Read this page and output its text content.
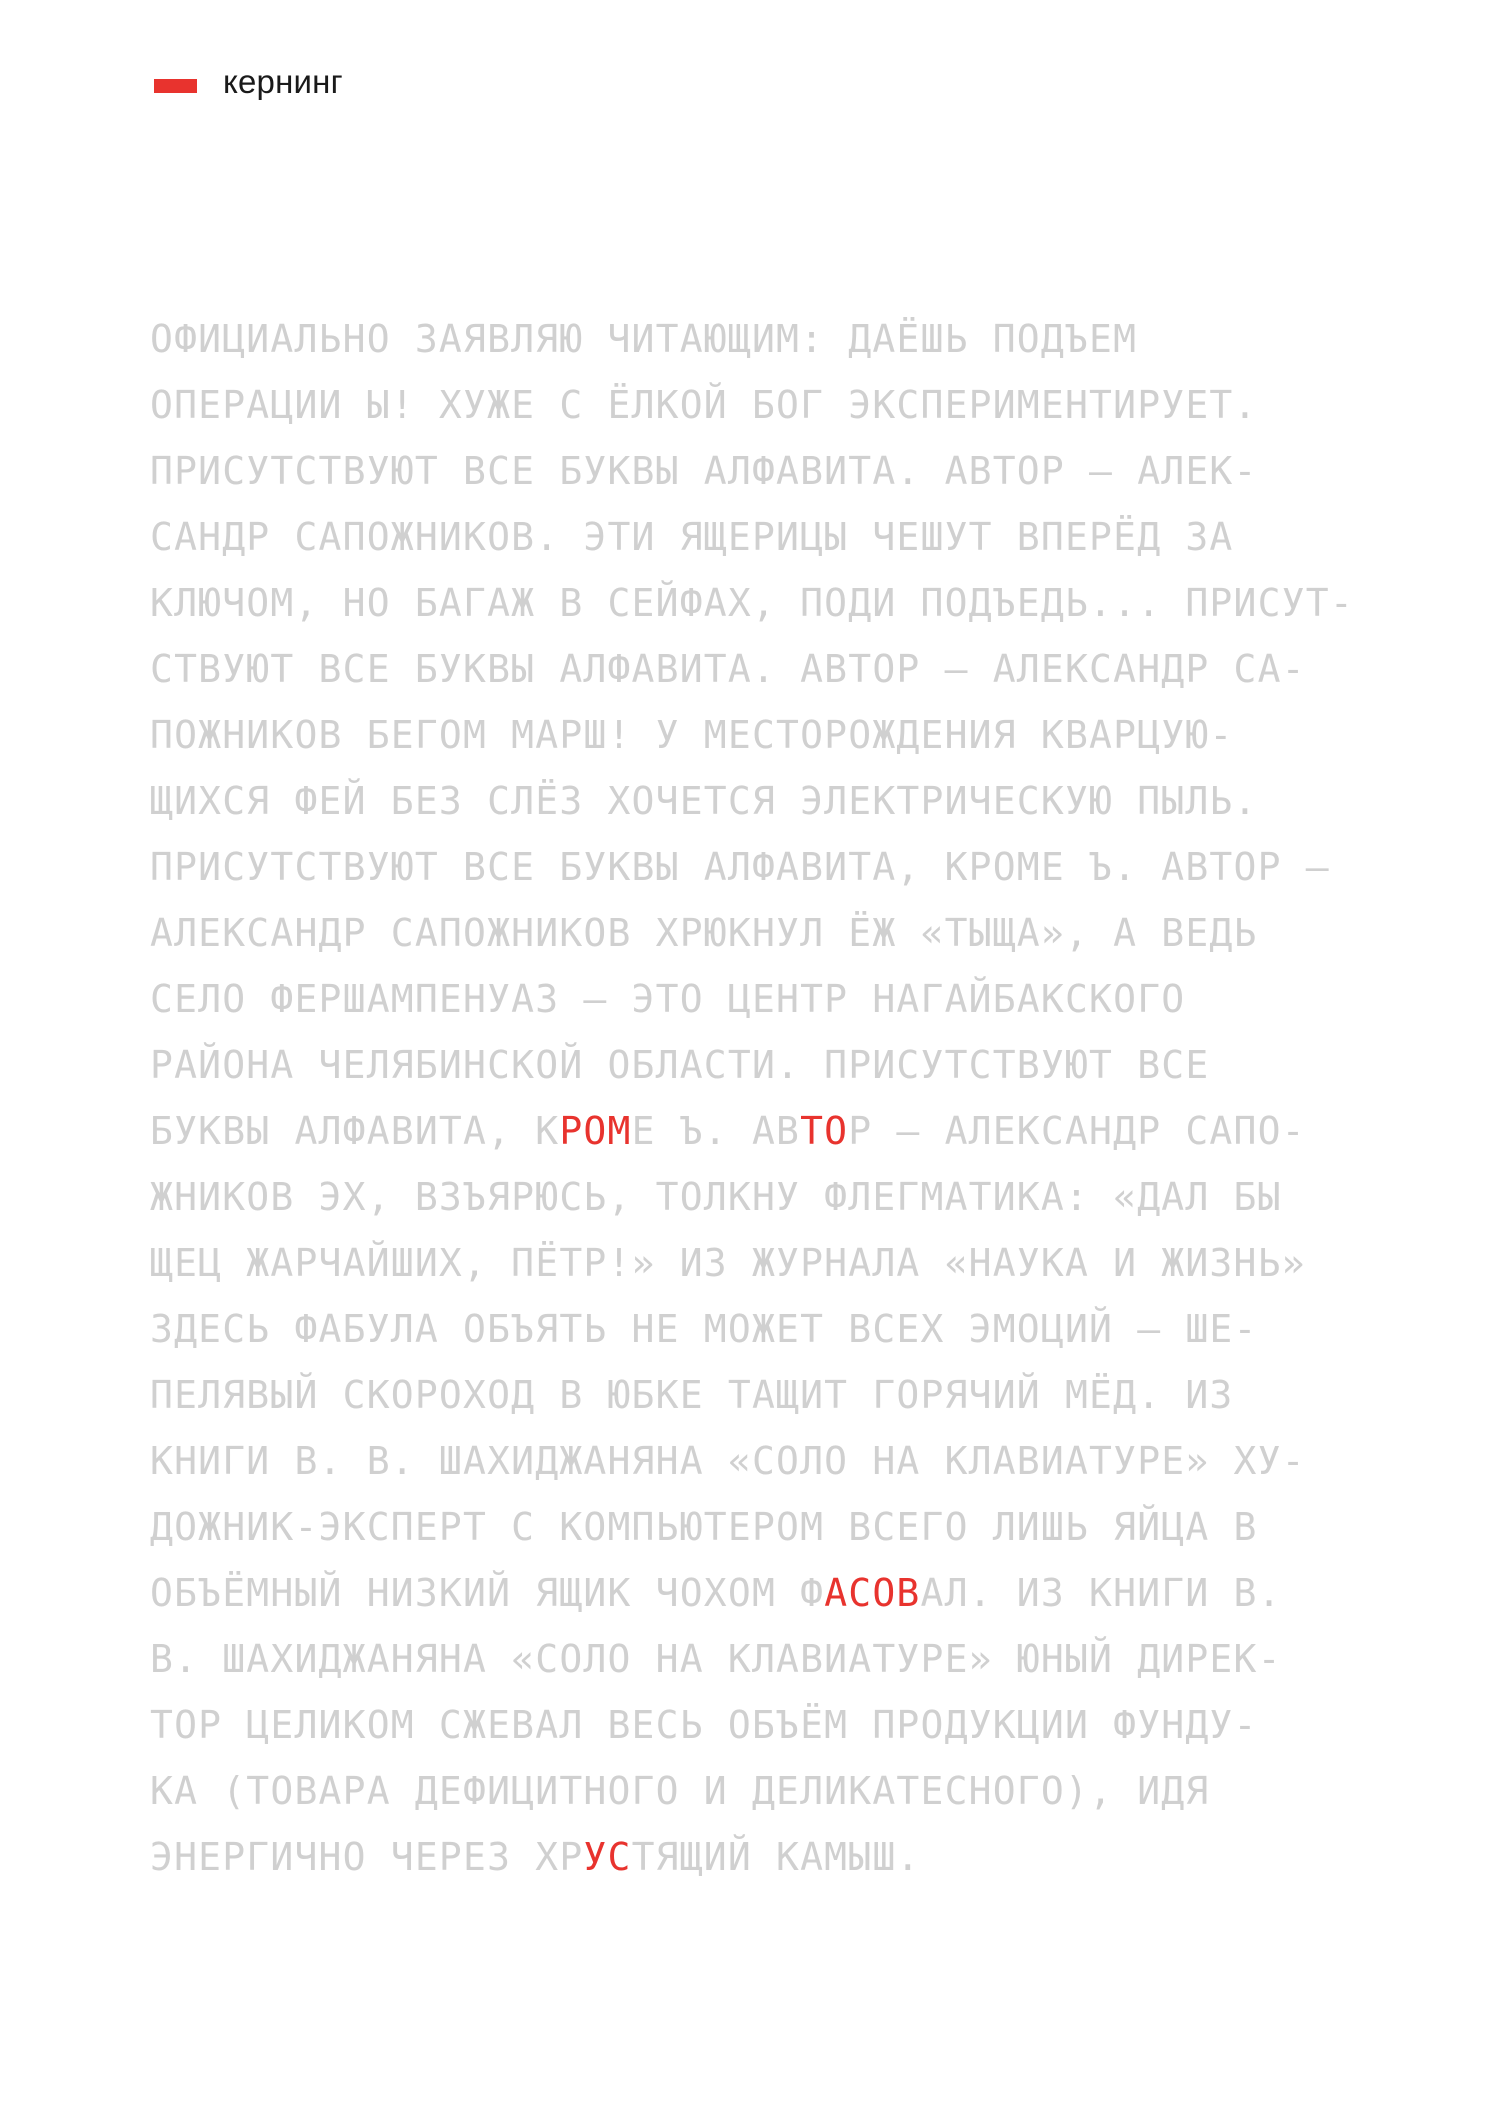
кернинг
ОФИЦИАЛЬНО ЗАЯВЛЯЮ ЧИТАЮЩИМ: ДАЁШЬ ПОДЪЕМ
ОПЕРАЦИИ Ы! ХУЖЕ С ЁЛКОЙ БОГ ЭКСПЕРИМЕНТИРУЕТ.
ПРИСУТСТВУЮТ ВСЕ БУКВЫ АЛФАВИТА. АВТОР — АЛЕК-
САНДР САПОЖНИКОВ. ЭТИ ЯЩЕРИЦЫ ЧЕШУТ ВПЕРЁД ЗА
КЛЮЧОМ, НО БАГАЖ В СЕЙФАХ, ПОДИ ПОДЪЕДЬ... ПРИСУТ-
СТВУЮТ ВСЕ БУКВЫ АЛФАВИТА. АВТОР — АЛЕКСАНДР СА-
ПОЖНИКОВ БЕГОМ МАРШ! У МЕСТОРОЖДЕНИЯ КВАРЦУЮ-
ЩИХСЯ ФЕЙ БЕЗ СЛЁЗ ХОЧЕТСЯ ЭЛЕКТРИЧЕСКУЮ ПЫЛЬ.
ПРИСУТСТВУЮТ ВСЕ БУКВЫ АЛФАВИТА, КРОМЕ Ъ. АВТОР —
АЛЕКСАНДР САПОЖНИКОВ ХРЮКНУЛ ЁЖ «ТЫЩА», А ВЕДЬ
СЕЛО ФЕРШАМПЕНУАЗ — ЭТО ЦЕНТР НАГАЙБАКСКОГО
РАЙОНА ЧЕЛЯБИНСКОЙ ОБЛАСТИ. ПРИСУТСТВУЮТ ВСЕ
БУКВЫ АЛФАВИТА, КРОМЕ Ъ. АВТОР — АЛЕКСАНДР САПО-
ЖНИКОВ ЭХ, ВЗЪЯРЮСЬ, ТОЛКНУ ФЛЕГМАТИКА: «ДАЛ БЫ
ЩЕЦ ЖАРЧАЙШИХ, ПЁТР!» ИЗ ЖУРНАЛА «НАУКА И ЖИЗНЬ»
ЗДЕСЬ ФАБУЛА ОБЪЯТЬ НЕ МОЖЕТ ВСЕХ ЭМОЦИЙ — ШЕ-
ПЕЛЯВЫЙ СКОРОХОД В ЮБКЕ ТАЩИТ ГОРЯЧИЙ МЁД. ИЗ
КНИГИ В. В. ШАХИДЖАНЯНА «СОЛО НА КЛАВИАТУРЕ» ХУ-
ДОЖНИК-ЭКСПЕРТ С КОМПЬЮТЕРОМ ВСЕГО ЛИШЬ ЯЙЦА В
ОБЪЁМНЫЙ НИЗКИЙ ЯЩИК ЧОХОМ ФАСОВАЛ. ИЗ КНИГИ В.
В. ШАХИДЖАНЯНА «СОЛО НА КЛАВИАТУРЕ» ЮНЫЙ ДИРЕК-
ТОР ЦЕЛИКОМ СЖЕВАЛ ВЕСЬ ОБЪЁМ ПРОДУКЦИИ ФУНДУ-
КА (ТОВАРА ДЕФИЦИТНОГО И ДЕЛИКАТЕСНОГО), ИДЯ
ЭНЕРГИЧНО ЧЕРЕЗ ХРУСТЯЩИЙ КАМЫШ.
